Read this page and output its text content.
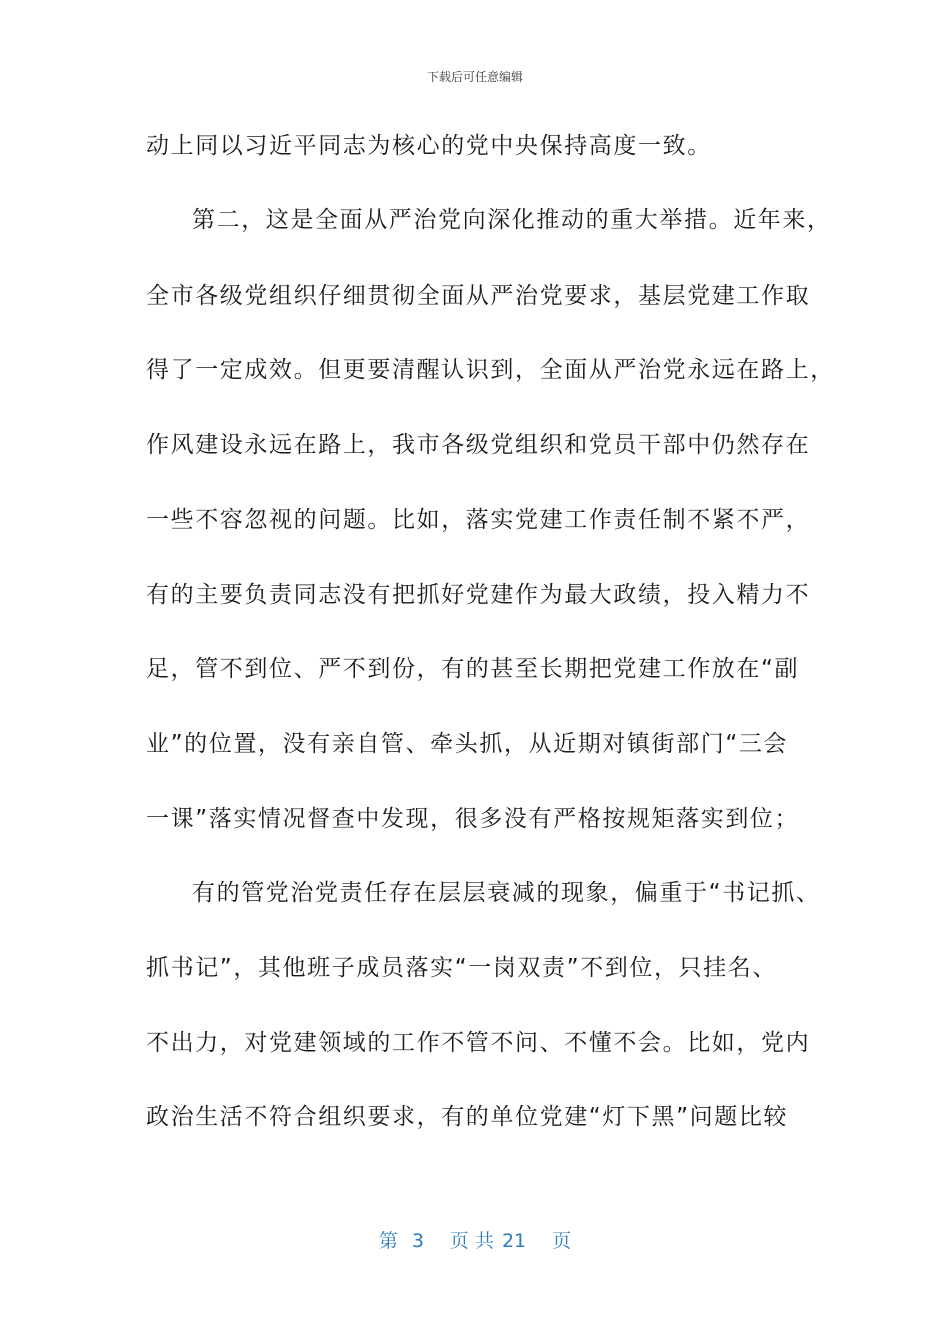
下载后可任意编辑
动上同以习近平同志为核心的党中央保持高度一致。
第二，这是全面从严治党向深化推动的重大举措。近年来，
全市各级党组织仔细贯彻全面从严治党要求，基层党建工作取
得了一定成效。但更要清醒认识到，全面从严治党永远在路上，
作风建设永远在路上，我市各级党组织和党员干部中仍然存在
一些不容忽视的问题。比如，落实党建工作责任制不紧不严，
有的主要负责同志没有把抓好党建作为最大政绩，投入精力不
足，管不到位、严不到份，有的甚至长期把党建工作放在“副
业”的位置，没有亲自管、牵头抓，从近期对镇街部门“三会
一课”落实情况督查中发现，很多没有严格按规矩落实到位；
有的管党治党责任存在层层衰减的现象，偏重于“书记抓、
抓书记”，其他班子成员落实“一岗双责”不到位，只挂名、
不出力，对党建领域的工作不管不问、不懂不会。比如，党内
政治生活不符合组织要求，有的单位党建“灯下黑”问题比较
第 3 页 共 21 页
